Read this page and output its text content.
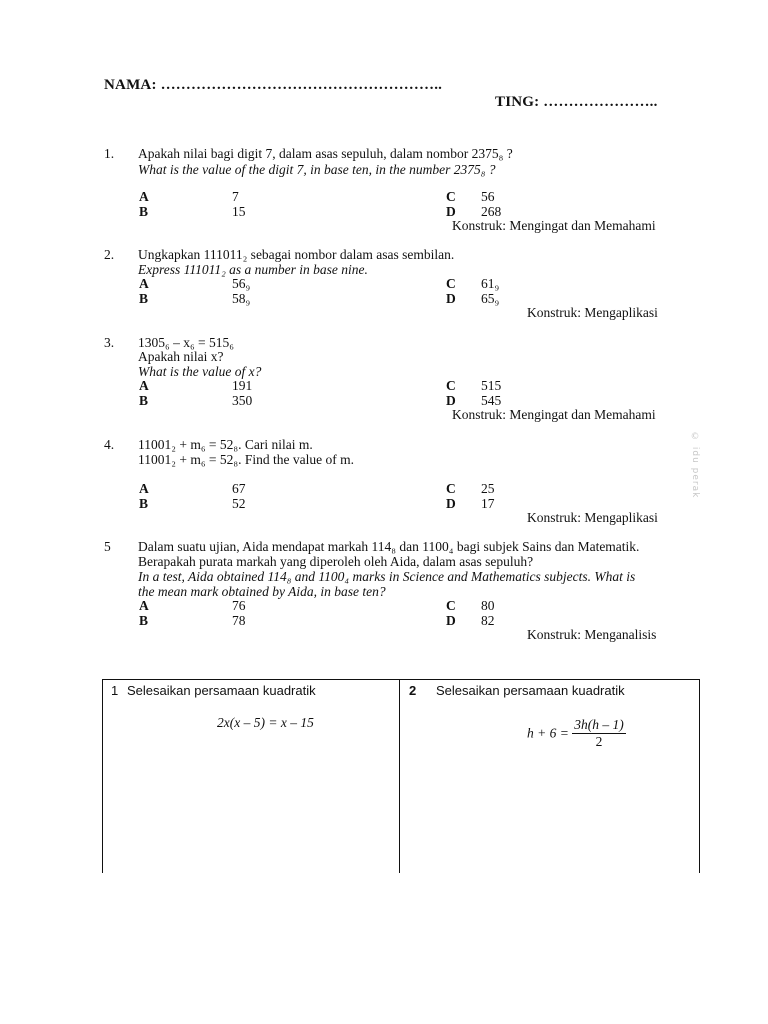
NAMA: ………………………………………………..
TING: …………………..
1. Apakah nilai bagi digit 7, dalam asas sepuluh, dalam nombor 2375₈ ?
What is the value of the digit 7, in base ten, in the number 2375₈ ?
A	7
B	15
C 56
D 268
Konstruk: Mengingat dan Memahami
2. Ungkapkan 111011₂ sebagai nombor dalam asas sembilan.
Express 111011₂ as a number in base nine.
A	56₉
B	58₉
C 61₉
D 65₉
Konstruk: Mengaplikasi
3. 1305₆ – x₆ = 515₆
Apakah nilai x?
What is the value of x?
A	191
B	350
C 515
D 545
Konstruk: Mengingat dan Memahami
4. 11001₂ + m₆ = 52₈. Cari nilai m.
11001₂ + m₆ = 52₈. Find the value of m.
A	67
B	52
C 25
D 17
Konstruk: Mengaplikasi
5 Dalam suatu ujian, Aida mendapat markah 114₈ dan 1100₄ bagi subjek Sains dan Matematik.
Berapakah purata markah yang diperoleh oleh Aida, dalam asas sepuluh?
In a test, Aida obtained 114₈ and 1100₄ marks in Science and Mathematics subjects. What is
the mean mark obtained by Aida, in base ten?
A	76
B	78
C 80
D 82
Konstruk: Menganalisis
© idu perak
1 Selesaikan persamaan kuadratik
2x(x – 5) = x – 15
2 Selesaikan persamaan kuadratik
$h + 6 = \frac{3h(h - 1)}{2}$
